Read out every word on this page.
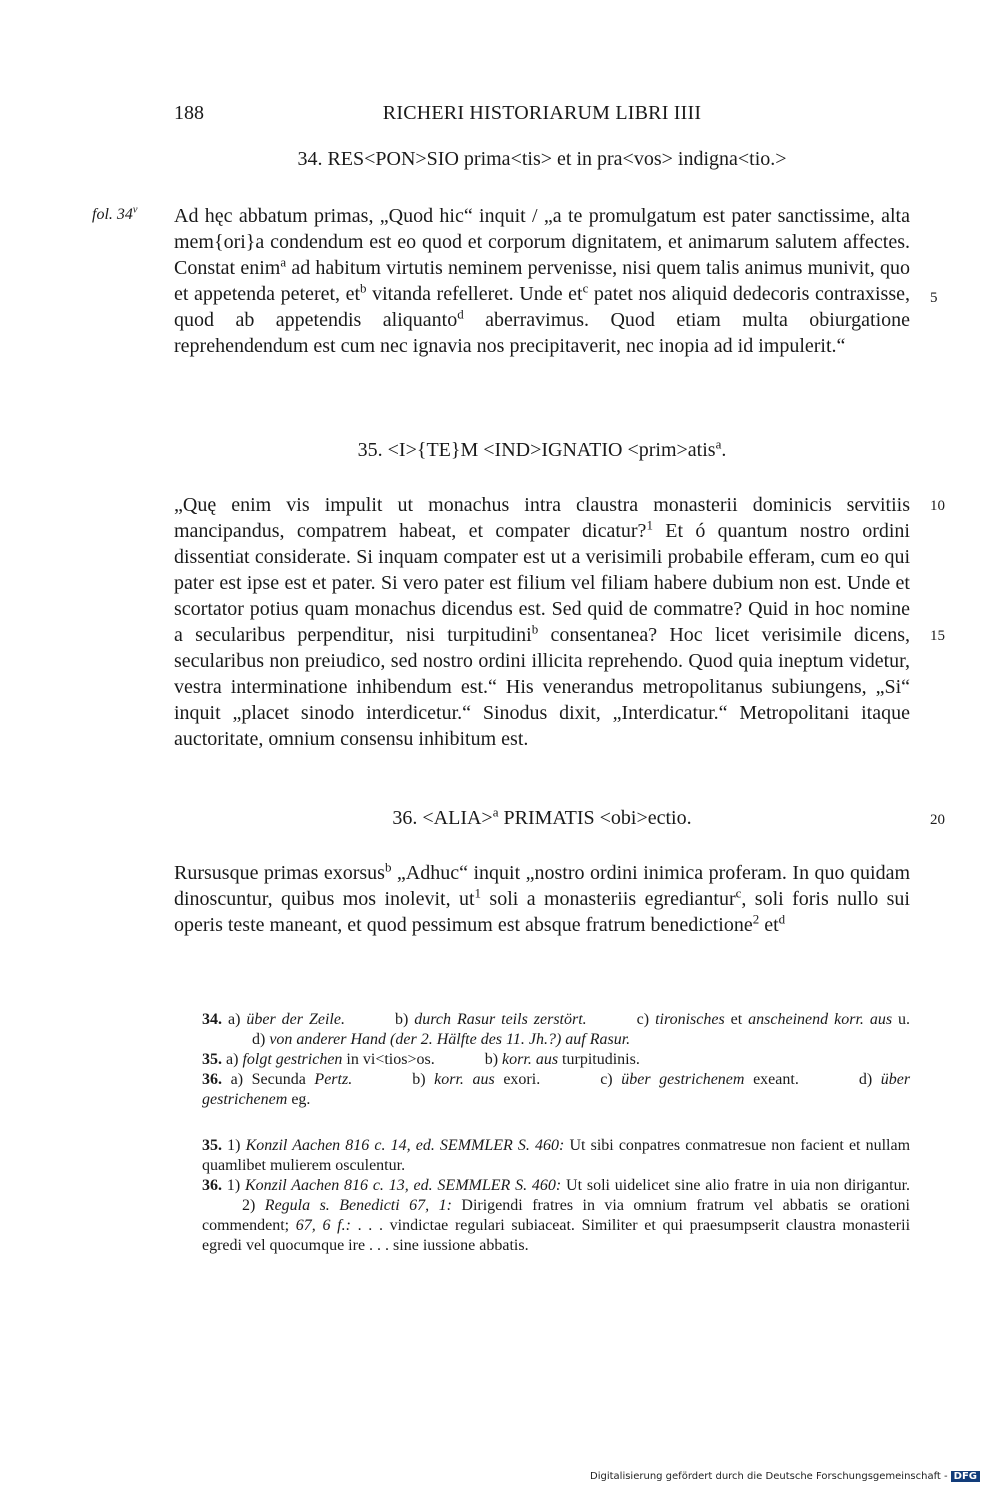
188	RICHERI HISTORIARUM LIBRI IIII
34. RES<PON>SIO prima<tis> et in pra<vos> indigna<tio.>
fol. 34$^v$ Ad hęc abbatum primas, „Quod hic“ inquit / „a te promulgatum est pater sanctissime, alta mem{ori}a condendum est eo quod et corporum dignitatem, et animarum salutem affectes. Constat enim$^a$ ad habitum virtutis neminem pervenisse, nisi quem talis animus munivit, quo et appetenda peteret, $et^b$ vitanda refelleret. Unde $et^c$ patet nos aliquid dedecoris contraxisse, quod ab appetendis aliquanto$^d$ aberravimus. Quod etiam multa obiurgatione reprehendendum est cum nec ignavia nos precipitaverit, nec inopia ad id impulerit.“
35. <I>{TE}M <IND>IGNATIO <prim>atis$^a$.
„Quę enim vis impulit ut monachus intra claustra monasterii dominicis servitiis mancipandus, compatrem habeat, et compater dicatur?$^1$ Et ó quantum nostro ordini dissentiat considerate. Si inquam compater est ut a verisimili probabile efferam, cum eo qui pater est ipse est et pater. Si vero pater est filium vel filiam habere dubium non est. Unde et scortator potius quam monachus dicendus est. Sed quid de commatre? Quid in hoc nomine a secularibus perpenditur, nisi turpitudini$^b$ consentanea? Hoc licet verisimile dicens, secularibus non preiudico, sed nostro ordini illicita reprehendo. Quod quia ineptum videtur, vestra interminatione inhibendum est.“ His venerandus metropolitanus subiungens, „Si“ inquit „placet sinodo interdicetur.“ Sinodus dixit, „Interdicatur.“ Metropolitani itaque auctoritate, omnium consensu inhibitum est.
36. <ALIA>$^a$ PRIMATIS <obi>ectio.
Rursusque primas exorsus$^b$ „Adhuc“ inquit „nostro ordini inimica proferam. In quo quidam dinoscuntur, quibus mos inolevit, $ut^1$ soli a monasteriis egrediantur$^c$, soli foris nullo sui operis teste maneant, et quod pessimum est absque fratrum benedictione$^2$ $et^d$
5
10
15
20

34. a) über der Zeile.	b) durch Rasur teils zerstört.	c) tironisches et anscheinend korr. aus u.d) von anderer Hand (der 2. Hälfte des 11. Jh.?) auf Rasur.

35. a) folgt gestrichen in vi<tios>os.	b) korr. aus turpitudinis.

36. a) Secunda Pertz.	b) korr. aus exori.	c) über gestrichenem exeant.	d) über gestrichenem eg.

35. 1) Konzil Aachen 816 c. 14, ed. SEMMLER S. 460: Ut sibi conpatres conmatresue non facient et nullam quamlibet mulierem osculentur.

36. 1) Konzil Aachen 816 c. 13, ed. SEMMLER S. 460: Ut soli uidelicet sine alio fratre in uia non dirigantur.2) Regula s. Benedicti 67, 1: Dirigendi fratres in via omnium fratrum vel abbatis se orationi commendent; 67, 6 f.: . . . vindictae regulari subiaceat. Similiter et qui praesumpserit claustra monasterii egredi vel quocumque ire . . . sine iussione abbatis.

Digitalisierung gefördert durch die Deutsche Forschungsgemeinschaft - DFG
